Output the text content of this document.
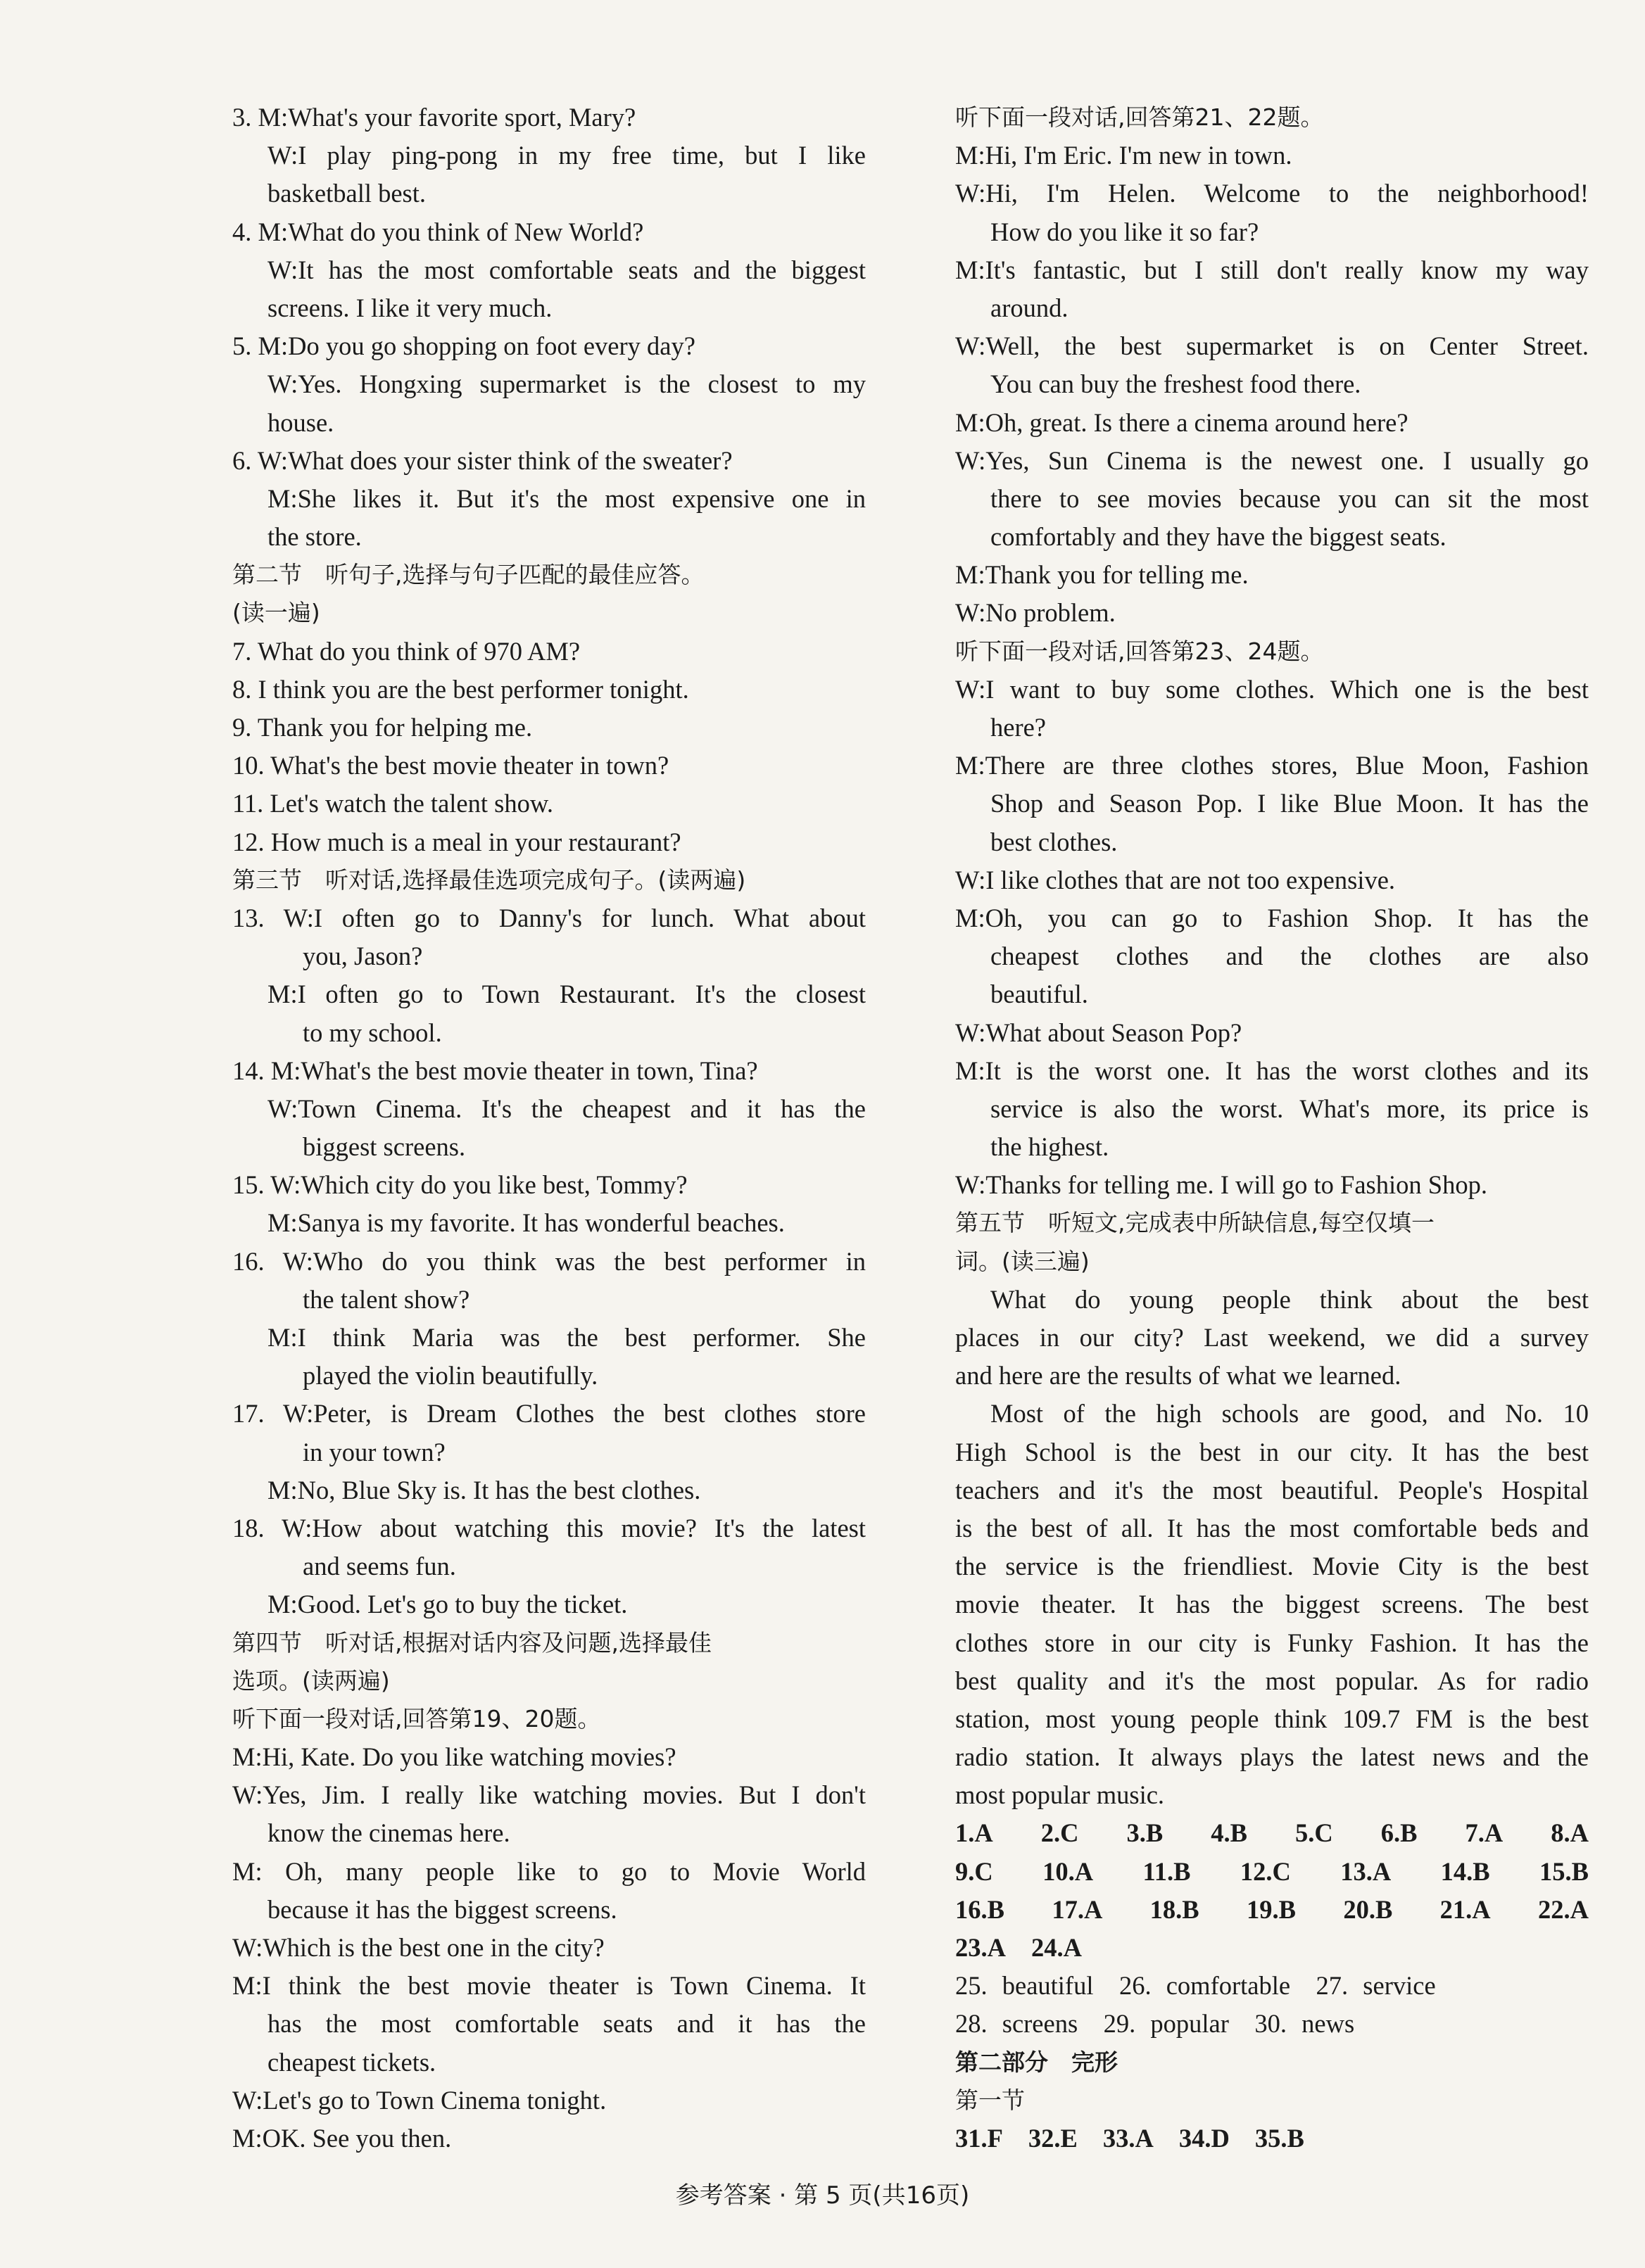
3. M:What's your favorite sport, Mary?
W:I play ping-pong in my free time, but I like
basketball best.
4. M:What do you think of New World?
W:It has the most comfortable seats and the biggest
screens. I like it very much.
5. M:Do you go shopping on foot every day?
W:Yes. Hongxing supermarket is the closest to my
house.
6. W:What does your sister think of the sweater?
M:She likes it. But it's the most expensive one in
the store.
第二节　听句子,选择与句子匹配的最佳应答。
(读一遍)
7. What do you think of 970 AM?
8. I think you are the best performer tonight.
9. Thank you for helping me.
10. What's the best movie theater in town?
11. Let's watch the talent show.
12. How much is a meal in your restaurant?
第三节　听对话,选择最佳选项完成句子。(读两遍)
13. W:I often go to Danny's for lunch. What about
you, Jason?
M:I often go to Town Restaurant. It's the closest
to my school.
14. M:What's the best movie theater in town, Tina?
W:Town Cinema. It's the cheapest and it has the
biggest screens.
15. W:Which city do you like best, Tommy?
M:Sanya is my favorite. It has wonderful beaches.
16. W:Who do you think was the best performer in
the talent show?
M:I think Maria was the best performer. She
played the violin beautifully.
17. W:Peter, is Dream Clothes the best clothes store
in your town?
M:No, Blue Sky is. It has the best clothes.
18. W:How about watching this movie? It's the latest
and seems fun.
M:Good. Let's go to buy the ticket.
第四节　听对话,根据对话内容及问题,选择最佳
选项。(读两遍)
听下面一段对话,回答第19、20题。
M:Hi, Kate. Do you like watching movies?
W:Yes, Jim. I really like watching movies. But I don't
know the cinemas here.
M: Oh, many people like to go to Movie World
because it has the biggest screens.
W:Which is the best one in the city?
M:I think the best movie theater is Town Cinema. It
has the most comfortable seats and it has the
cheapest tickets.
W:Let's go to Town Cinema tonight.
M:OK. See you then.
听下面一段对话,回答第21、22题。
M:Hi, I'm Eric. I'm new in town.
W:Hi, I'm Helen. Welcome to the neighborhood!
How do you like it so far?
M:It's fantastic, but I still don't really know my way
around.
W:Well, the best supermarket is on Center Street.
You can buy the freshest food there.
M:Oh, great. Is there a cinema around here?
W:Yes, Sun Cinema is the newest one. I usually go
there to see movies because you can sit the most
comfortably and they have the biggest seats.
M:Thank you for telling me.
W:No problem.
听下面一段对话,回答第23、24题。
W:I want to buy some clothes. Which one is the best
here?
M:There are three clothes stores, Blue Moon, Fashion
Shop and Season Pop. I like Blue Moon. It has the
best clothes.
W:I like clothes that are not too expensive.
M:Oh, you can go to Fashion Shop. It has the
cheapest clothes and the clothes are also
beautiful.
W:What about Season Pop?
M:It is the worst one. It has the worst clothes and its
service is also the worst. What's more, its price is
the highest.
W:Thanks for telling me. I will go to Fashion Shop.
第五节　听短文,完成表中所缺信息,每空仅填一
词。(读三遍)
What do young people think about the best
places in our city? Last weekend, we did a survey
and here are the results of what we learned.
Most of the high schools are good, and No. 10
High School is the best in our city. It has the best
teachers and it's the most beautiful. People's Hospital
is the best of all. It has the most comfortable beds and
the service is the friendliest. Movie City is the best
movie theater. It has the biggest screens. The best
clothes store in our city is Funky Fashion. It has the
best quality and it's the most popular. As for radio
station, most young people think 109.7 FM is the best
radio station. It always plays the latest news and the
most popular music.
1.A 2.C 3.B 4.B 5.C 6.B 7.A 8.A
9.C 10.A 11.B 12.C 13.A 14.B 15.B
16.B 17.A 18.B 19.B 20.B 21.A 22.A
23.A 24.A
25. beautiful　26. comfortable　27. service
28. screens　29. popular　30. news
第二部分　完形
第一节
31.F 32.E 33.A 34.D 35.B
参考答案 · 第 5 页(共16页)
